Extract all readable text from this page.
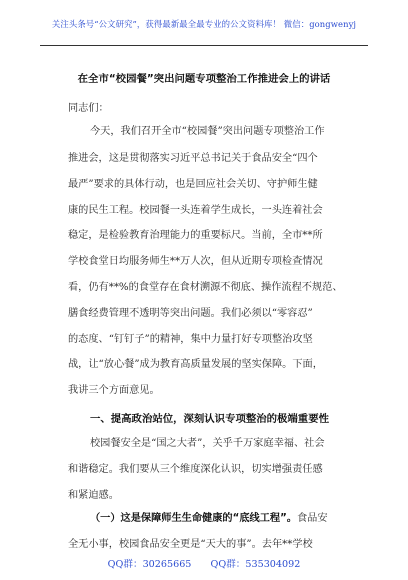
关注头条号“公文研究”，获得最新最全最专业的公文资料库！ 微信：gongwenyj
在全市“校园餐”突出问题专项整治工作推进会上的讲话
同志们：
今天，我们召开全市“校园餐”突出问题专项整治工作
推进会，这是贯彻落实习近平总书记关于食品安全“四个
最严”要求的具体行动，也是回应社会关切、守护师生健
康的民生工程。校园餐一头连着学生成长，一头连着社会
稳定，是检验教育治理能力的重要标尺。当前，全市**所
学校食堂日均服务师生**万人次，但从近期专项检查情况
看，仍有**%的食堂存在食材溯源不彻底、操作流程不规范、
膳食经费管理不透明等突出问题。我们必须以“零容忍”
的态度、“钉钉子”的精神，集中力量打好专项整治攻坚
战，让“放心餐”成为教育高质量发展的坚实保障。下面，
我讲三个方面意见。
一、提高政治站位，深刻认识专项整治的极端重要性
校园餐安全是“国之大者”，关乎千万家庭幸福、社会
和谐稳定。我们要从三个维度深化认识，切实增强责任感
和紧迫感。
（一）这是保障师生生命健康的“底线工程”。食品安
全无小事，校园食品安全更是“天大的事”。去年**学校
QQ群：30265665 QQ群：535304092
